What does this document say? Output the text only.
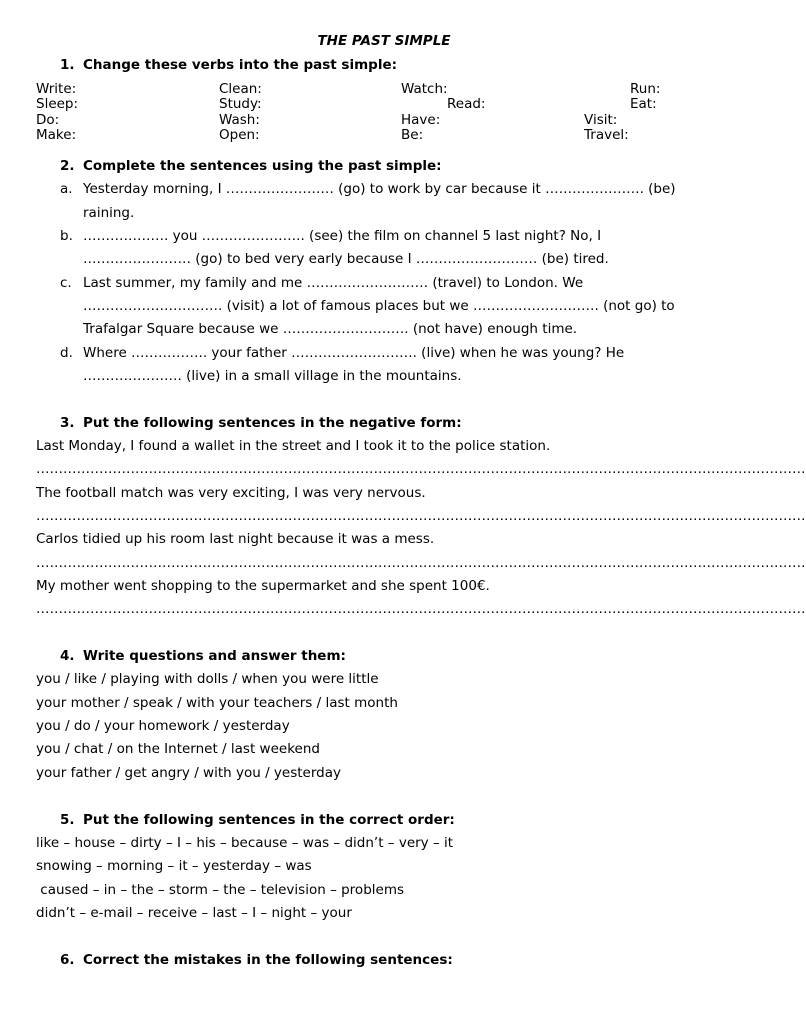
THE PAST SIMPLE
1. Change these verbs into the past simple:
Write:	Clean:	Watch:	Run:
Sleep:	Study:	Read:	Eat:
Do:	Wash:	Have:	Visit:
Make:	Open:	Be:	Travel:
2. Complete the sentences using the past simple:
a. Yesterday morning, I …………………… (go) to work by car because it …………………. (be)
raining.
b. ………………. you ………………….. (see) the film on channel 5 last night? No, I
…………………… (go) to bed very early because I ……………………… (be) tired.
c. Last summer, my family and me ……………………… (travel) to London. We
…………………………. (visit) a lot of famous places but we ………………………. (not go) to
Trafalgar Square because we ………………………. (not have) enough time.
d. Where …………….. your father ………………………. (live) when he was young? He
…………………. (live) in a small village in the mountains.
3. Put the following sentences in the negative form:
Last Monday, I found a wallet in the street and I took it to the police station.
………………………………………………………………………………………………………………………………………………………
The football match was very exciting, I was very nervous.
………………………………………………………………………………………………………………………………………………………
Carlos tidied up his room last night because it was a mess.
………………………………………………………………………………………………………………………………………………………
My mother went shopping to the supermarket and she spent 100€.
………………………………………………………………………………………………………………………………………………………
4. Write questions and answer them:
you / like / playing with dolls / when you were little
your mother / speak / with your teachers / last month
you / do / your homework / yesterday
you / chat / on the Internet / last weekend
your father / get angry / with you / yesterday
5. Put the following sentences in the correct order:
like – house – dirty – I – his – because – was – didn’t – very – it
snowing – morning – it – yesterday – was
caused – in – the – storm – the – television – problems
didn’t – e-mail – receive – last – I – night – your
6. Correct the mistakes in the following sentences:
